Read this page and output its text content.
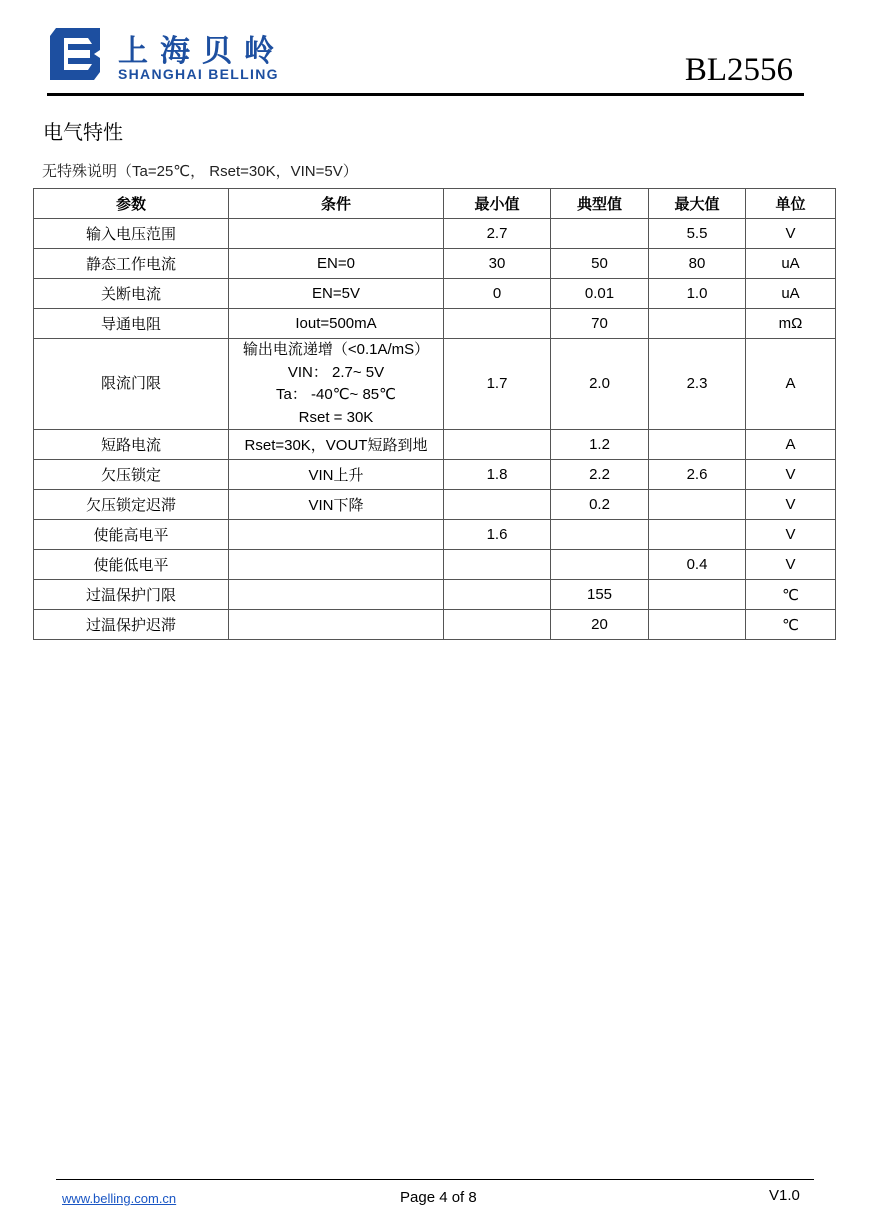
上海贝岭
SHANGHAI BELLING	BL2556
电气特性
无特殊说明（Ta=25℃， Rset=30K，VIN=5V）
参数	条件	最小值	典型值	最大值	单位
输入电压范围		2.7		5.5	V
静态工作电流	EN=0	30	50	80	uA
关断电流	EN=5V	0	0.01	1.0	uA
导通电阻	Iout=500mA		70		mΩ
限流门限	输出电流递增（<0.1A/mS）
VIN： 2.7~ 5V
Ta： -40℃~ 85℃
Rset = 30K	1.7	2.0	2.3	A
短路电流	Rset=30K，VOUT短路到地		1.2		A
欠压锁定	VIN上升	1.8	2.2	2.6	V
欠压锁定迟滞	VIN下降		0.2		V
使能高电平		1.6			V
使能低电平				0.4	V
过温保护门限			155		℃
过温保护迟滞			20		℃
www.belling.com.cn	Page 4 of 8	V1.0
